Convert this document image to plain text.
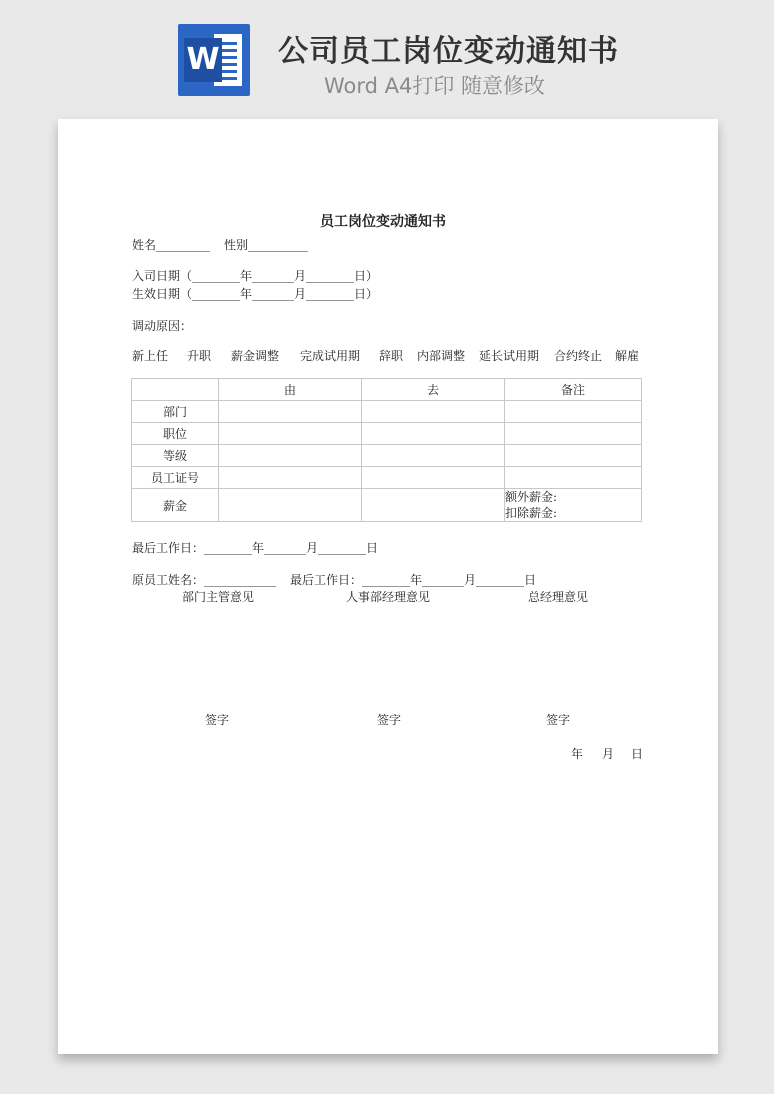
W 公司员工岗位变动通知书
Word A4打印 随意修改

员工岗位变动通知书
姓名_________ 性别__________
入司日期（________年_______月________日）
生效日期（________年_______月________日）
调动原因：
新上任 升职 薪金调整 完成试用期 辞职 内部调整 延长试用期 合约终止 解雇
	由	去	备注
部门			
职位			
等级			
员工证号			
薪金			额外薪金:
扣除薪金:
最后工作日：________年_______月________日
原员工姓名：____________ 最后工作日：________年_______月________日
部门主管意见	人事部经理意见	总经理意见
签字	签字	签字
年 月 日
